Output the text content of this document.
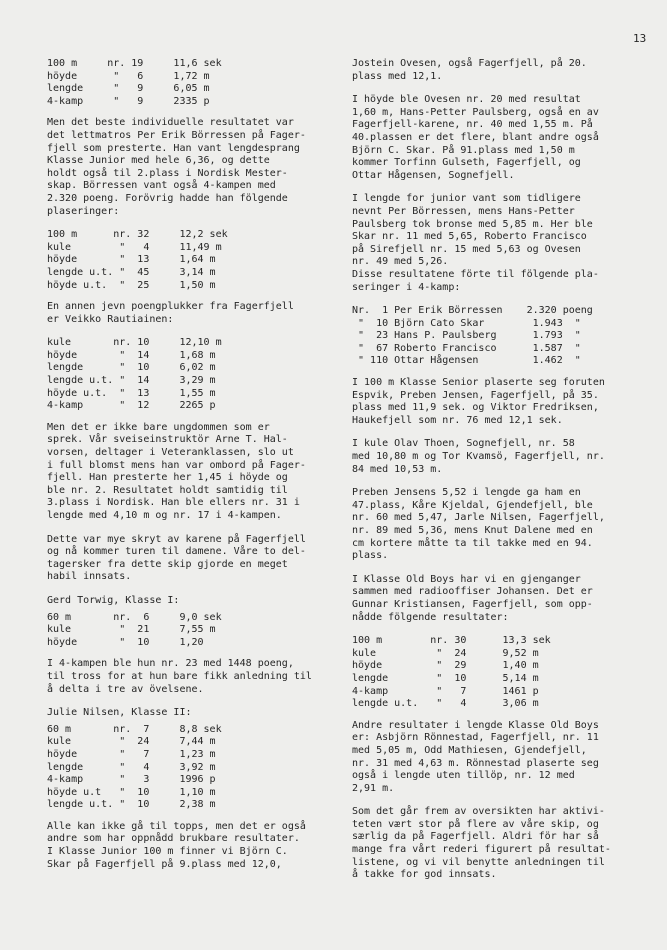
13
100 m     nr. 19     11,6 sek
höyde      "   6     1,72 m
lengde     "   9     6,05 m
4-kamp     "   9     2335 p
Men det beste individuelle resultatet var
det lettmatros Per Erik Börressen på Fager-
fjell som presterte. Han vant lengdesprang
Klasse Junior med hele 6,36, og dette
holdt også til 2.plass i Nordisk Mester-
skap. Börressen vant også 4-kampen med
2.320 poeng. Forövrig hadde han fölgende
plaseringer:
100 m      nr. 32     12,2 sek
kule        "   4     11,49 m
höyde       "  13     1,64 m
lengde u.t. "  45     3,14 m
höyde u.t.  "  25     1,50 m
En annen jevn poengplukker fra Fagerfjell
er Veikko Rautiainen:
kule       nr. 10     12,10 m
höyde       "  14     1,68 m
lengde      "  10     6,02 m
lengde u.t. "  14     3,29 m
höyde u.t.  "  13     1,55 m
4-kamp      "  12     2265 p
Men det er ikke bare ungdommen som er
sprek. Vår sveiseinstruktör Arne T. Hal-
vorsen, deltager i Veteranklassen, slo ut
i full blomst mens han var ombord på Fager-
fjell. Han presterte her 1,45 i höyde og
ble nr. 2. Resultatet holdt samtidig til
3.plass i Nordisk. Han ble ellers nr. 31 i
lengde med 4,10 m og nr. 17 i 4-kampen.
Dette var mye skryt av karene på Fagerfjell
og nå kommer turen til damene. Våre to del-
tagersker fra dette skip gjorde en meget
habil innsats.
Gerd Torwig, Klasse I:
60 m       nr.  6     9,0 sek
kule        "  21     7,55 m
höyde       "  10     1,20
I 4-kampen ble hun nr. 23 med 1448 poeng,
til tross for at hun bare fikk anledning til
å delta i tre av övelsene.
Julie Nilsen, Klasse II:
60 m       nr.  7     8,8 sek
kule        "  24     7,44 m
höyde       "   7     1,23 m
lengde      "   4     3,92 m
4-kamp      "   3     1996 p
höyde u.t   "  10     1,10 m
lengde u.t. "  10     2,38 m
Alle kan ikke gå til topps, men det er også
andre som har oppnådd brukbare resultater.
I Klasse Junior 100 m finner vi Björn C.
Skar på Fagerfjell på 9.plass med 12,0,
Jostein Ovesen, også Fagerfjell, på 20.
plass med 12,1.
I höyde ble Ovesen nr. 20 med resultat
1,60 m, Hans-Petter Paulsberg, også en av
Fagerfjell-karene, nr. 40 med 1,55 m. På
40.plassen er det flere, blant andre også
Björn C. Skar. På 91.plass med 1,50 m
kommer Torfinn Gulseth, Fagerfjell, og
Ottar Hågensen, Sognefjell.
I lengde for junior vant som tidligere
nevnt Per Börressen, mens Hans-Petter
Paulsberg tok bronse med 5,85 m. Her ble
Skar nr. 11 med 5,65, Roberto Francisco
på Sirefjell nr. 15 med 5,63 og Ovesen
nr. 49 med 5,26.
Disse resultatene förte til fölgende pla-
seringer i 4-kamp:
Nr.  1 Per Erik Börressen    2.320 poeng
"  10 Björn Cato Skar        1.943  "
"  23 Hans P. Paulsberg      1.793  "
"  67 Roberto Francisco      1.587  "
" 110 Ottar Hågensen         1.462  "
I 100 m Klasse Senior plaserte seg foruten
Espvik, Preben Jensen, Fagerfjell, på 35.
plass med 11,9 sek. og Viktor Fredriksen,
Haukefjell som nr. 76 med 12,1 sek.
I kule Olav Thoen, Sognefjell, nr. 58
med 10,80 m og Tor Kvamsö, Fagerfjell, nr.
84 med 10,53 m.
Preben Jensens 5,52 i lengde ga ham en
47.plass, Kåre Kjeldal, Gjendefjell, ble
nr. 60 med 5,47, Jarle Nilsen, Fagerfjell,
nr. 89 med 5,36, mens Knut Dalene med en
cm kortere måtte ta til takke med en 94.
plass.
I Klasse Old Boys har vi en gjenganger
sammen med radiooffiser Johansen. Det er
Gunnar Kristiansen, Fagerfjell, som opp-
nådde fölgende resultater:
100 m        nr. 30      13,3 sek
kule          "  24      9,52 m
höyde         "  29      1,40 m
lengde        "  10      5,14 m
4-kamp        "   7      1461 p
lengde u.t.   "   4      3,06 m
Andre resultater i lengde Klasse Old Boys
er: Asbjörn Rönnestad, Fagerfjell, nr. 11
med 5,05 m, Odd Mathiesen, Gjendefjell,
nr. 31 med 4,63 m. Rönnestad plaserte seg
også i lengde uten tillöp, nr. 12 med
2,91 m.
Som det går frem av oversikten har aktivi-
teten vært stor på flere av våre skip, og
særlig da på Fagerfjell. Aldri för har så
mange fra vårt rederi figurert på resultat-
listene, og vi vil benytte anledningen til
å takke for god innsats.
